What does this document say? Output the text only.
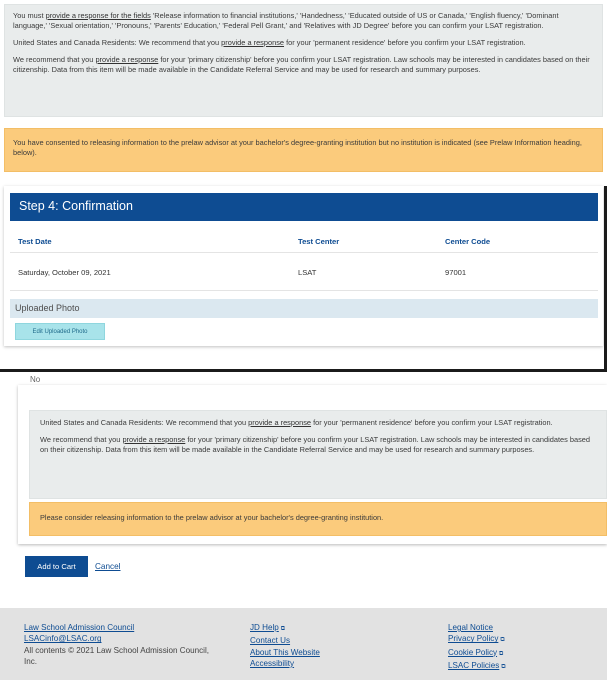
You must provide a response for the fields 'Release information to financial institutions,' 'Handedness,' 'Educated outside of US or Canada,' 'English fluency,' 'Dominant language,' 'Sexual orientation,' 'Pronouns,' 'Parents' Education,' 'Federal Pell Grant,' and 'Relatives with JD Degree' before you can confirm your LSAT registration.

United States and Canada Residents: We recommend that you provide a response for your 'permanent residence' before you confirm your LSAT registration.

We recommend that you provide a response for your 'primary citizenship' before you confirm your LSAT registration. Law schools may be interested in candidates based on their citizenship. Data from this item will be made available in the Candidate Referral Service and may be used for research and summary purposes.

You have consented to releasing information to the prelaw advisor at your bachelor's degree-granting institution but no institution is indicated (see Prelaw Information heading, below).
Step 4: Confirmation
Test Date	Test Center	Center Code
Saturday, October 09, 2021	LSAT	97001
Uploaded Photo
Edit Uploaded Photo
No

United States and Canada Residents: We recommend that you provide a response for your 'permanent residence' before you confirm your LSAT registration.

We recommend that you provide a response for your 'primary citizenship' before you confirm your LSAT registration. Law schools may be interested in candidates based on their citizenship. Data from this item will be made available in the Candidate Referral Service and may be used for research and summary purposes.

Please consider releasing information to the prelaw advisor at your bachelor's degree-granting institution.
Add to Cart	Cancel
Law School Admission Council
LSACinfo@LSAC.org
All contents © 2021 Law School Admission Council, Inc.
JD Help ⧉
Contact Us
About This Website
Accessibility
Legal Notice
Privacy Policy ⧉
Cookie Policy ⧉
LSAC Policies ⧉
